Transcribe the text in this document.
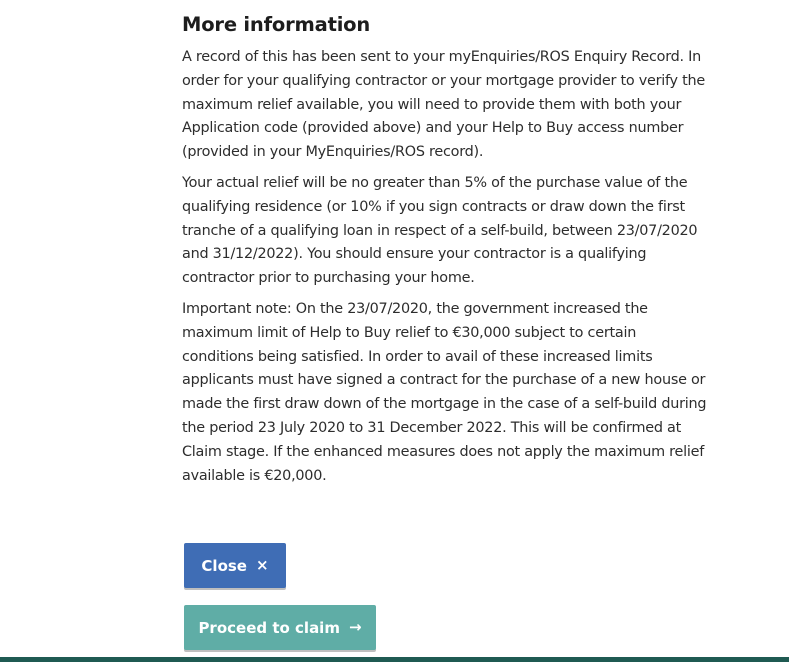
More information

A record of this has been sent to your myEnquiries/ROS Enquiry Record. In order for your qualifying contractor or your mortgage provider to verify the maximum relief available, you will need to provide them with both your Application code (provided above) and your Help to Buy access number (provided in your MyEnquiries/ROS record).

Your actual relief will be no greater than 5% of the purchase value of the qualifying residence (or 10% if you sign contracts or draw down the first tranche of a qualifying loan in respect of a self-build, between 23/07/2020 and 31/12/2022). You should ensure your contractor is a qualifying contractor prior to purchasing your home.

Important note: On the 23/07/2020, the government increased the maximum limit of Help to Buy relief to €30,000 subject to certain conditions being satisfied. In order to avail of these increased limits applicants must have signed a contract for the purchase of a new house or made the first draw down of the mortgage in the case of a self-build during the period 23 July 2020 to 31 December 2022. This will be confirmed at Claim stage. If the enhanced measures does not apply the maximum relief available is €20,000.

Close ×
Proceed to claim →
